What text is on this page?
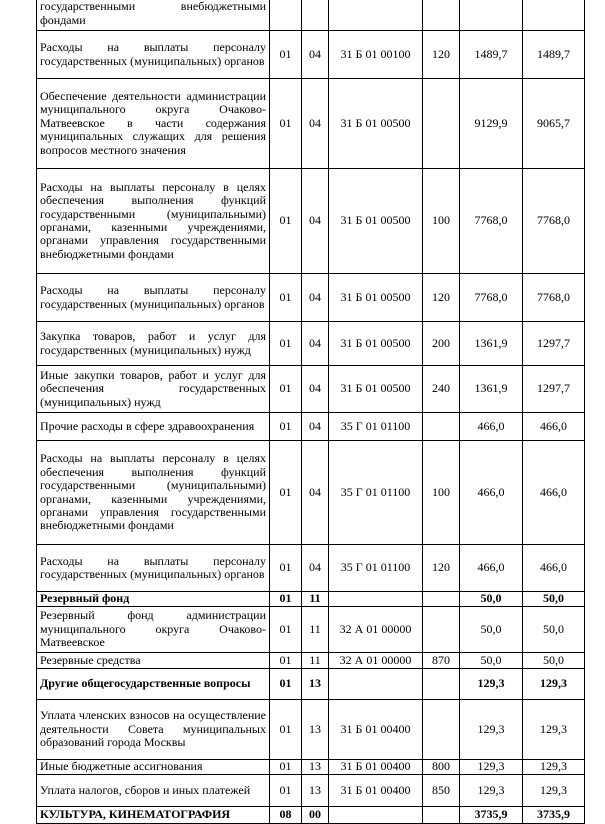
государственными внебюджетными фондами						
Расходы на выплаты персоналу государственных (муниципальных) органов	01	04	31 Б 01 00100	120	1489,7	1489,7
Обеспечение деятельности администрации муниципального округа Очаково-Матвеевское в части содержания муниципальных служащих для решения вопросов местного значения	01	04	31 Б 01 00500		9129,9	9065,7
Расходы на выплаты персоналу в целях обеспечения выполнения функций государственными (муниципальными) органами, казенными учреждениями, органами управления государственными внебюджетными фондами	01	04	31 Б 01 00500	100	7768,0	7768,0
Расходы на выплаты персоналу государственных (муниципальных) органов	01	04	31 Б 01 00500	120	7768,0	7768,0
Закупка товаров, работ и услуг для государственных (муниципальных) нужд	01	04	31 Б 01 00500	200	1361,9	1297,7
Иные закупки товаров, работ и услуг для обеспечения государственных (муниципальных) нужд	01	04	31 Б 01 00500	240	1361,9	1297,7
Прочие расходы в сфере здравоохранения	01	04	35 Г 01 01100		466,0	466,0
Расходы на выплаты персоналу в целях обеспечения выполнения функций государственными (муниципальными) органами, казенными учреждениями, органами управления государственными внебюджетными фондами	01	04	35 Г 01 01100	100	466,0	466,0
Расходы на выплаты персоналу государственных (муниципальных) органов	01	04	35 Г 01 01100	120	466,0	466,0
Резервный фонд	01	11			50,0	50,0
Резервный фонд администрации муниципального округа Очаково-Матвеевское	01	11	32 А 01 00000		50,0	50,0
Резервные средства	01	11	32 А 01 00000	870	50,0	50,0
Другие общегосударственные вопросы	01	13			129,3	129,3
Уплата членских взносов на осуществление деятельности Совета муниципальных образований города Москвы	01	13	31 Б 01 00400		129,3	129,3
Иные бюджетные ассигнования	01	13	31 Б 01 00400	800	129,3	129,3
Уплата налогов, сборов и иных платежей	01	13	31 Б 01 00400	850	129,3	129,3
КУЛЬТУРА, КИНЕМАТОГРАФИЯ	08	00			3735,9	3735,9
